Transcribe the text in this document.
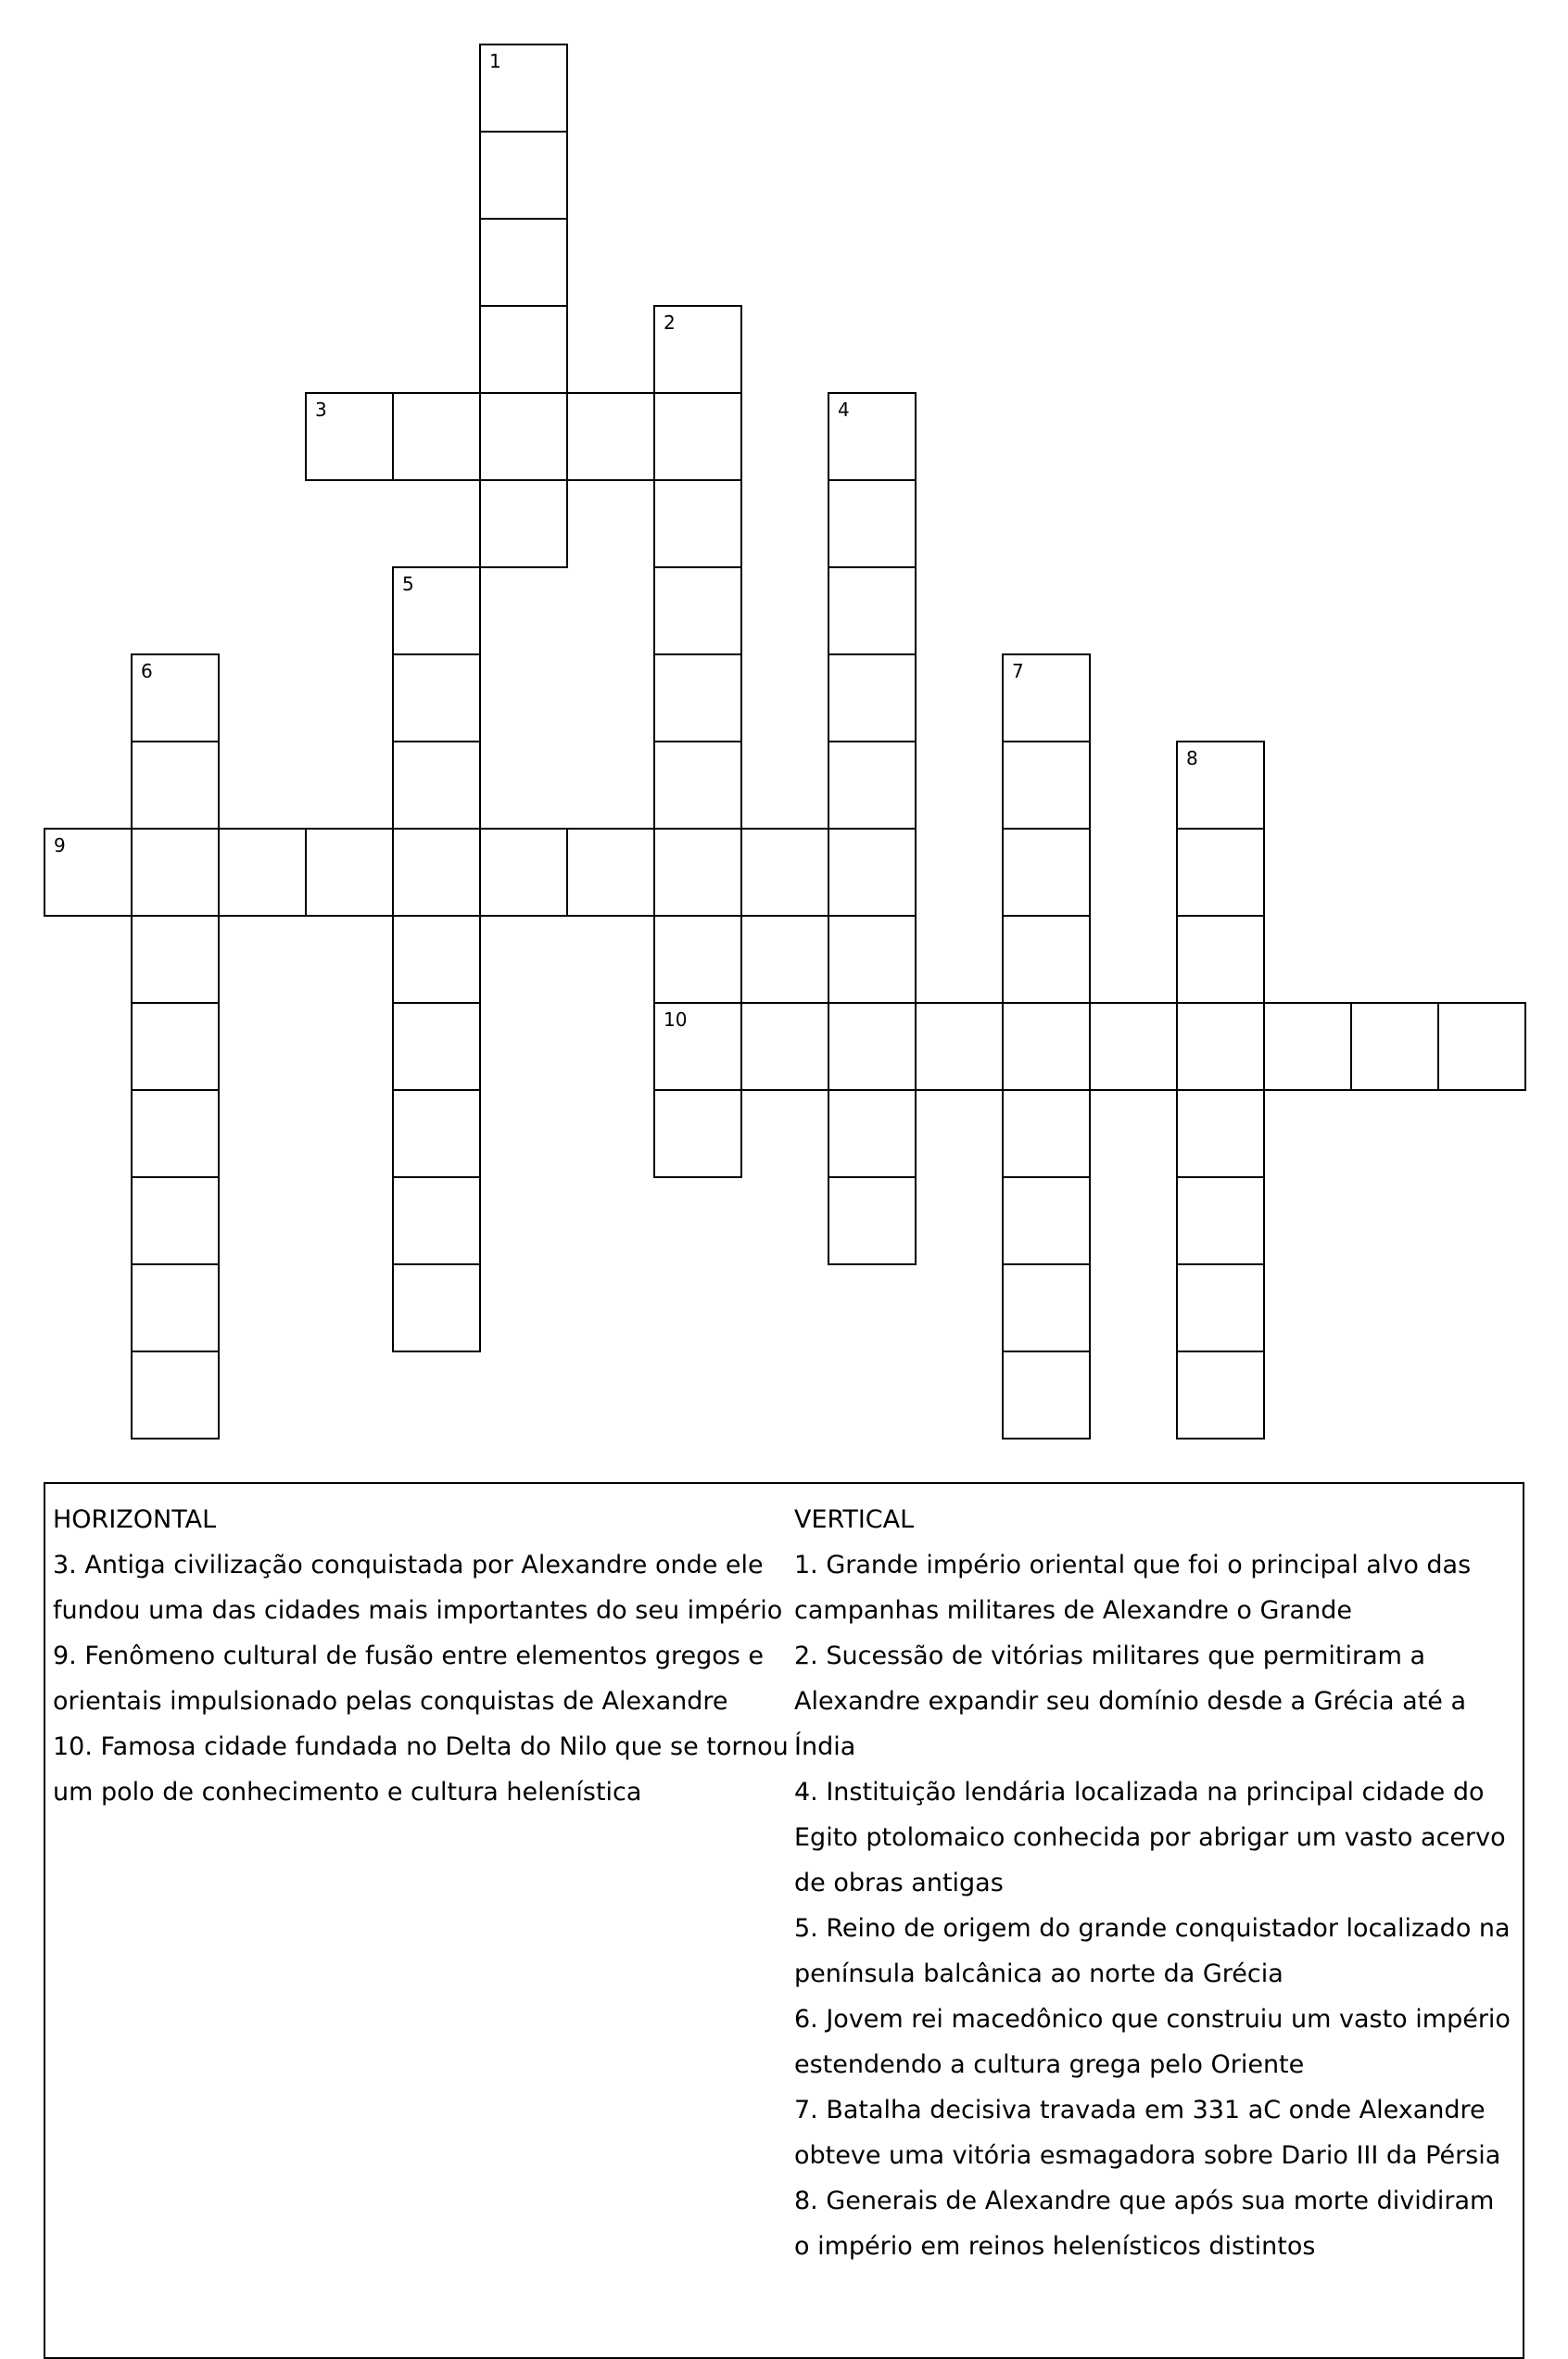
1
2
10
3	4
5
6	7
8
9

HORIZONTAL

3. Antiga civilização conquistada por Alexandre onde ele fundou uma das cidades mais importantes do seu império

9. Fenômeno cultural de fusão entre elementos gregos e orientais impulsionado pelas conquistas de Alexandre

10. Famosa cidade fundada no Delta do Nilo que se tornou um polo de conhecimento e cultura helenística

VERTICAL

1. Grande império oriental que foi o principal alvo das campanhas militares de Alexandre o Grande

2. Sucessão de vitórias militares que permitiram a Alexandre expandir seu domínio desde a Grécia até a Índia

4. Instituição lendária localizada na principal cidade do Egito ptolomaico conhecida por abrigar um vasto acervo de obras antigas

5. Reino de origem do grande conquistador localizado na península balcânica ao norte da Grécia

6. Jovem rei macedônico que construiu um vasto império estendendo a cultura grega pelo Oriente

7. Batalha decisiva travada em 331 aC onde Alexandre obteve uma vitória esmagadora sobre Dario III da Pérsia

8. Generais de Alexandre que após sua morte dividiram o império em reinos helenísticos distintos
